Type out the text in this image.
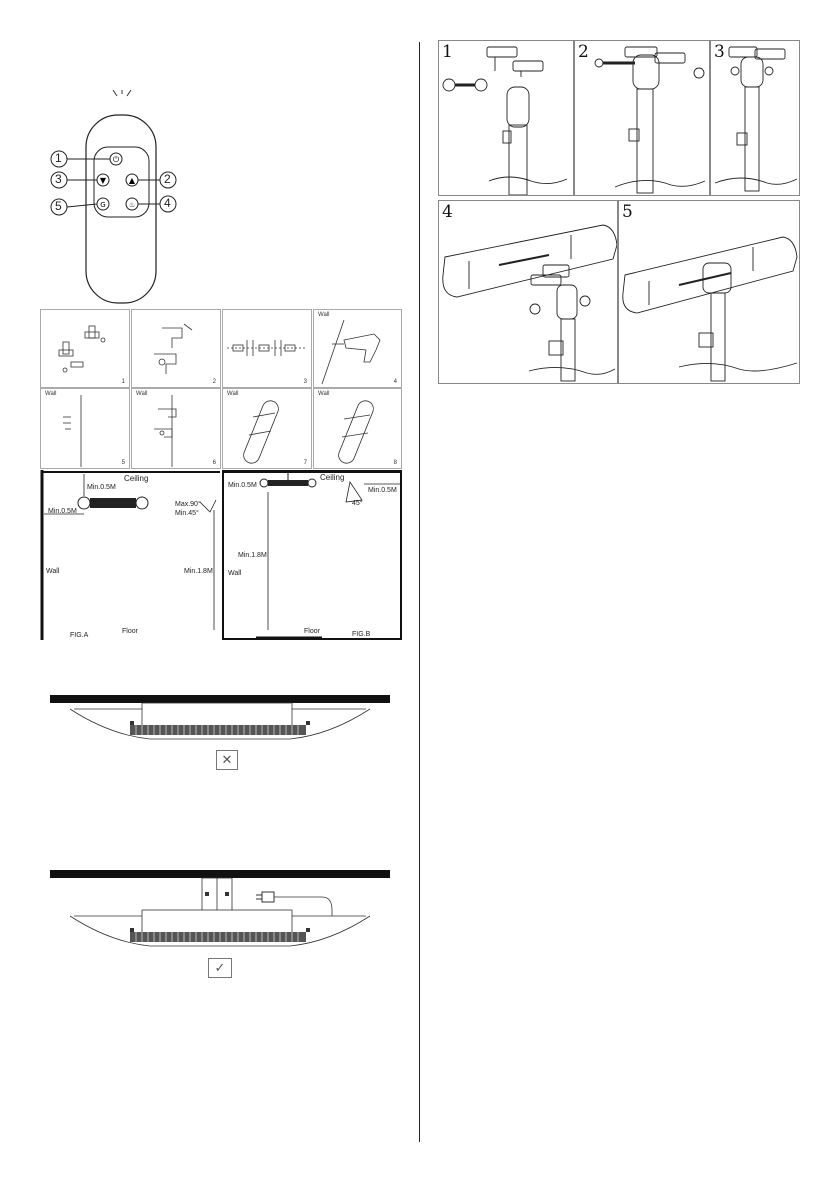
⏻
▼	▲
G	♨
1
2
3
4
5
1	2	3
Wall
4
Wall
5
Wall
6
Wall
7
Wall
8
Ceiling
Min.0.5M
Min.0.5M
Max.90°
Min.45°
Wall	Min.1.8M
Floor
FIG.A
Ceiling
Min.0.5M
Min.0.5M
45°
Min.1.8M
Wall
Floor	FIG.B
✕
✓
1	2	3
4	5
